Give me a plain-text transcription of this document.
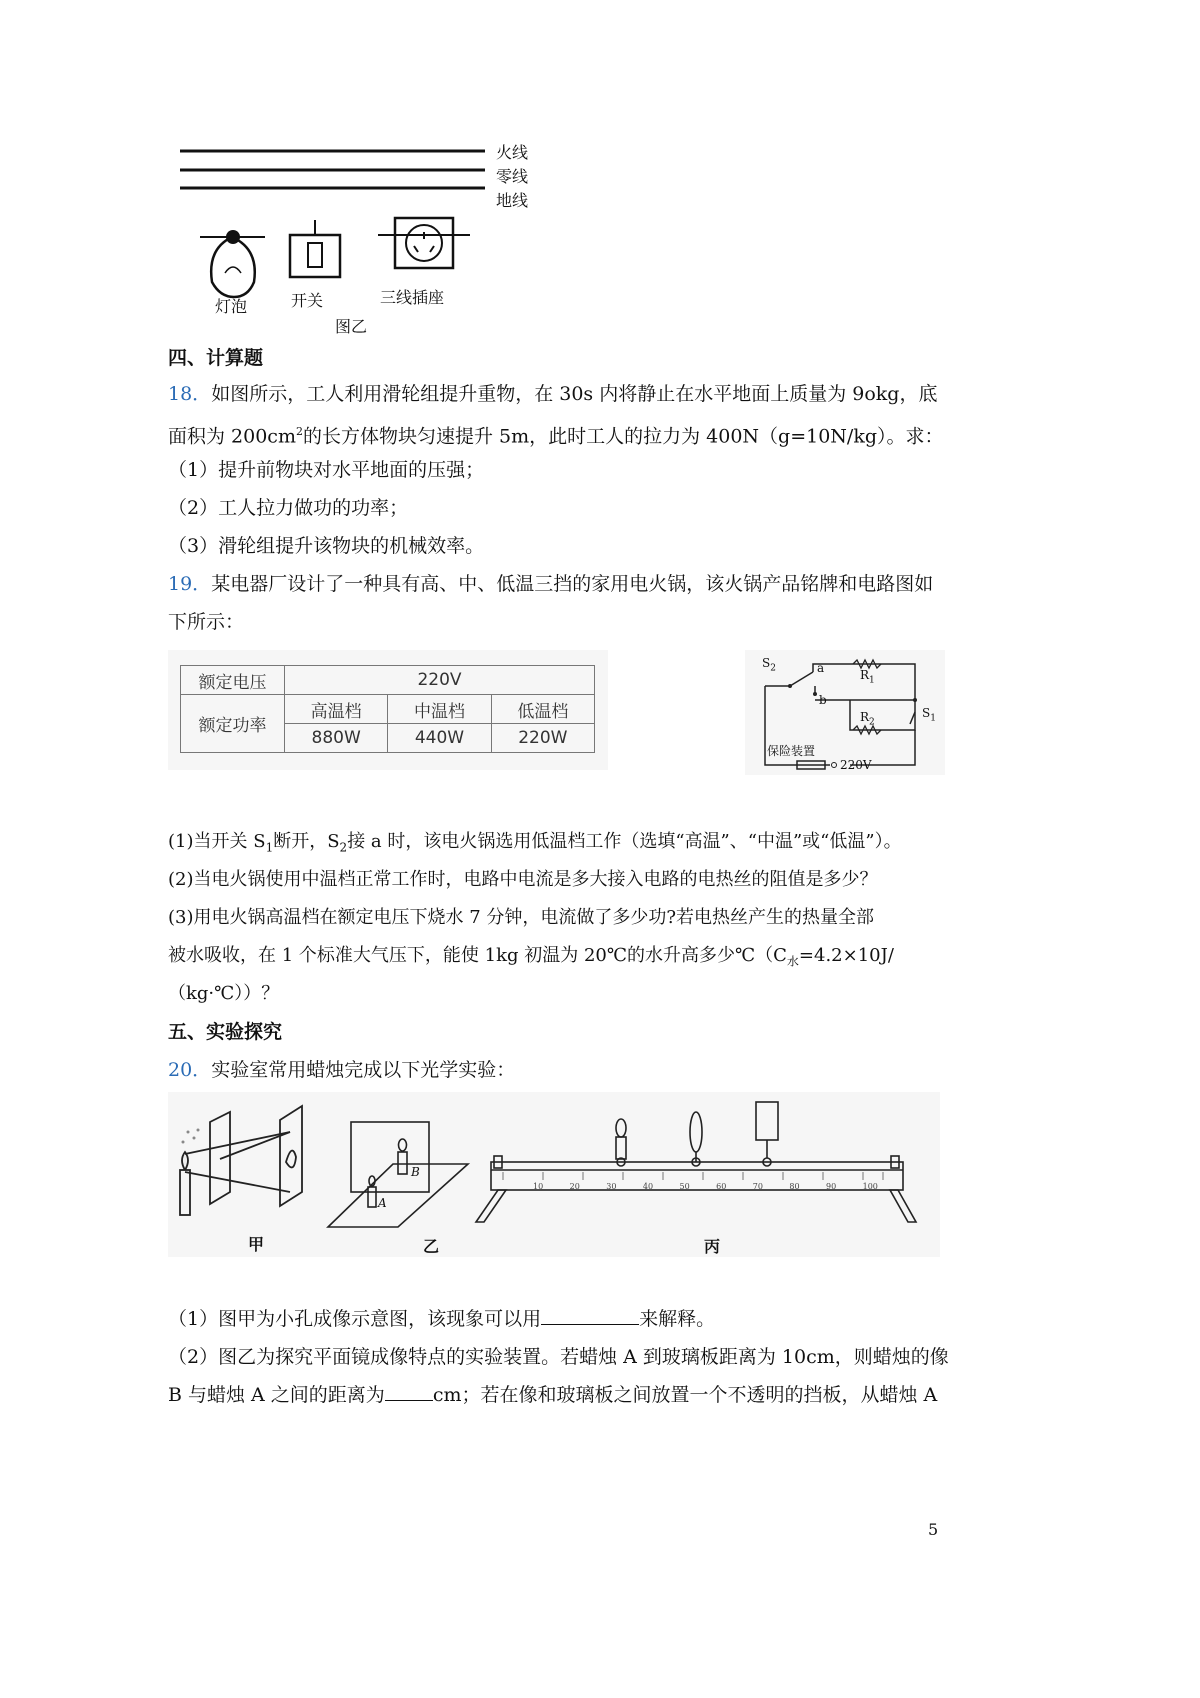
火线
零线
地线
灯泡	开关	三线插座
图乙
四、计算题
18．如图所示，工人利用滑轮组提升重物，在 30s 内将静止在水平地面上质量为 9okg，底
面积为 $200cm^2$的长方体物块匀速提升 5m，此时工人的拉力为 400N（g=10N/kg）。求：
（1）提升前物块对水平地面的压强；
（2）工人拉力做功的功率；
（3）滑轮组提升该物块的机械效率。
19．某电器厂设计了一种具有高、中、低温三挡的家用电火锅，该火锅产品铭牌和电路图如
下所示：
额定电压	220V		
额定功率	高温档	中温档	低温档
	880W	440W	220W
$S_2$	a
b
$R_1$
$R_2$
$S_1$
保险装置
220V
(1)当开关 $S_1$断开，$S_2$接 a 时，该电火锅选用低温档工作（选填“高温”、“中温”或“低温”）。
(2)当电火锅使用中温档正常工作时，电路中电流是多大接入电路的电热丝的阻值是多少？
(3)用电火锅高温档在额定电压下烧水 7 分钟，电流做了多少功?若电热丝产生的热量全部
被水吸收，在 1 个标准大气压下，能使 1kg 初温为 20℃的水升高多少$℃(C_水=4.2\times 10J/$
（kg·℃））？
五、实验探究
20．实验室常用蜡烛完成以下光学实验：
B
A
10	20	30	40	50	60	70	80	90	100
甲	乙	丙
（1）图甲为小孔成像示意图，该现象可以用	来解释。
（2）图乙为探究平面镜成像特点的实验装置。若蜡烛 A 到玻璃板距离为 10cm，则蜡烛的像
B 与蜡烛 A 之间的距离为	cm；若在像和玻璃板之间放置一个不透明的挡板，从蜡烛 A
5
